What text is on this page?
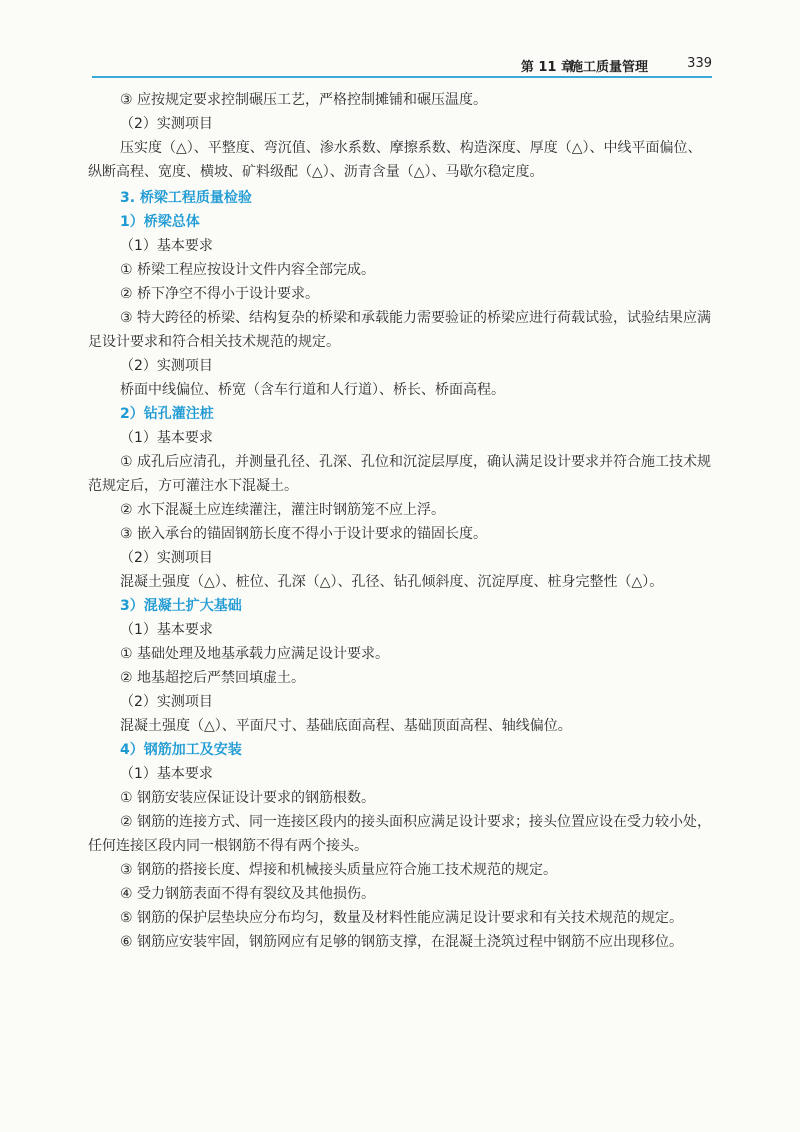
第 11 章
施工质量管理	339

③ 应按规定要求控制碾压工艺，严格控制摊铺和碾压温度。

（2）实测项目

压实度（△）、平整度、弯沉值、渗水系数、摩擦系数、构造深度、厚度（△）、中线平面偏位、纵断高程、宽度、横坡、矿料级配（△）、沥青含量（△）、马歇尔稳定度。

3. 桥梁工程质量检验

1）桥梁总体

（1）基本要求

① 桥梁工程应按设计文件内容全部完成。

② 桥下净空不得小于设计要求。

③ 特大跨径的桥梁、结构复杂的桥梁和承载能力需要验证的桥梁应进行荷载试验，试验结果应满足设计要求和符合相关技术规范的规定。

（2）实测项目

桥面中线偏位、桥宽（含车行道和人行道）、桥长、桥面高程。

2）钻孔灌注桩

（1）基本要求

① 成孔后应清孔，并测量孔径、孔深、孔位和沉淀层厚度，确认满足设计要求并符合施工技术规范规定后，方可灌注水下混凝土。

② 水下混凝土应连续灌注，灌注时钢筋笼不应上浮。

③ 嵌入承台的锚固钢筋长度不得小于设计要求的锚固长度。

（2）实测项目

混凝土强度（△）、桩位、孔深（△）、孔径、钻孔倾斜度、沉淀厚度、桩身完整性（△）。

3）混凝土扩大基础

（1）基本要求

① 基础处理及地基承载力应满足设计要求。

② 地基超挖后严禁回填虚土。

（2）实测项目

混凝土强度（△）、平面尺寸、基础底面高程、基础顶面高程、轴线偏位。

4）钢筋加工及安装

（1）基本要求

① 钢筋安装应保证设计要求的钢筋根数。

② 钢筋的连接方式、同一连接区段内的接头面积应满足设计要求；接头位置应设在受力较小处，任何连接区段内同一根钢筋不得有两个接头。

③ 钢筋的搭接长度、焊接和机械接头质量应符合施工技术规范的规定。

④ 受力钢筋表面不得有裂纹及其他损伤。

⑤ 钢筋的保护层垫块应分布均匀，数量及材料性能应满足设计要求和有关技术规范的规定。

⑥ 钢筋应安装牢固，钢筋网应有足够的钢筋支撑，在混凝土浇筑过程中钢筋不应出现移位。
